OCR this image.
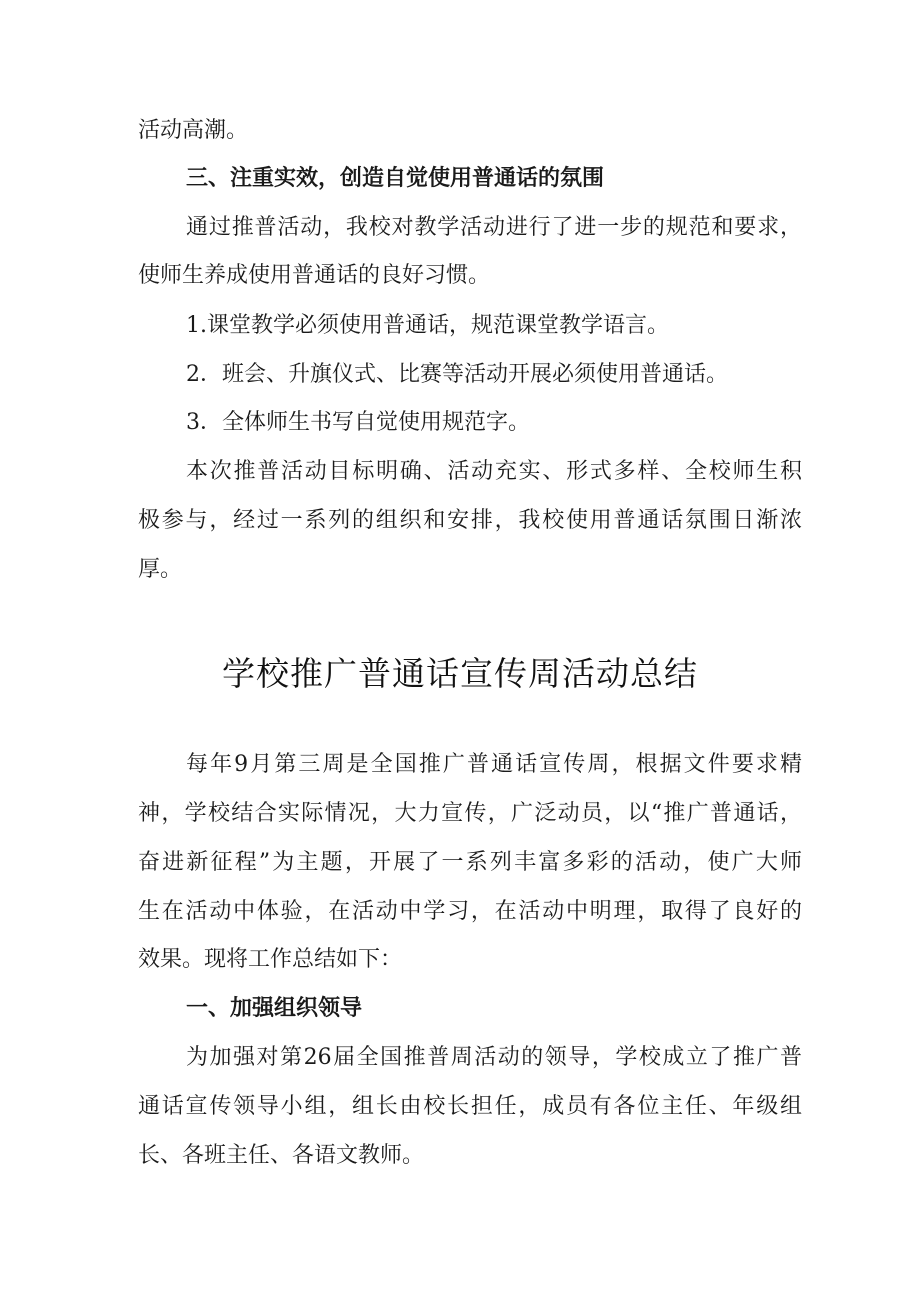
活动高潮。
三、注重实效，创造自觉使用普通话的氛围
通过推普活动，我校对教学活动进行了进一步的规范和要求，
使师生养成使用普通话的良好习惯。
1.课堂教学必须使用普通话，规范课堂教学语言。
2．班会、升旗仪式、比赛等活动开展必须使用普通话。
3．全体师生书写自觉使用规范字。
本次推普活动目标明确、活动充实、形式多样、全校师生积
极参与，经过一系列的组织和安排，我校使用普通话氛围日渐浓
厚。
学校推广普通话宣传周活动总结
每年9月第三周是全国推广普通话宣传周，根据文件要求精
神，学校结合实际情况，大力宣传，广泛动员，以“推广普通话，
奋进新征程”为主题，开展了一系列丰富多彩的活动，使广大师
生在活动中体验，在活动中学习，在活动中明理，取得了良好的
效果。现将工作总结如下：
一、加强组织领导
为加强对第26届全国推普周活动的领导，学校成立了推广普
通话宣传领导小组，组长由校长担任，成员有各位主任、年级组
长、各班主任、各语文教师。
